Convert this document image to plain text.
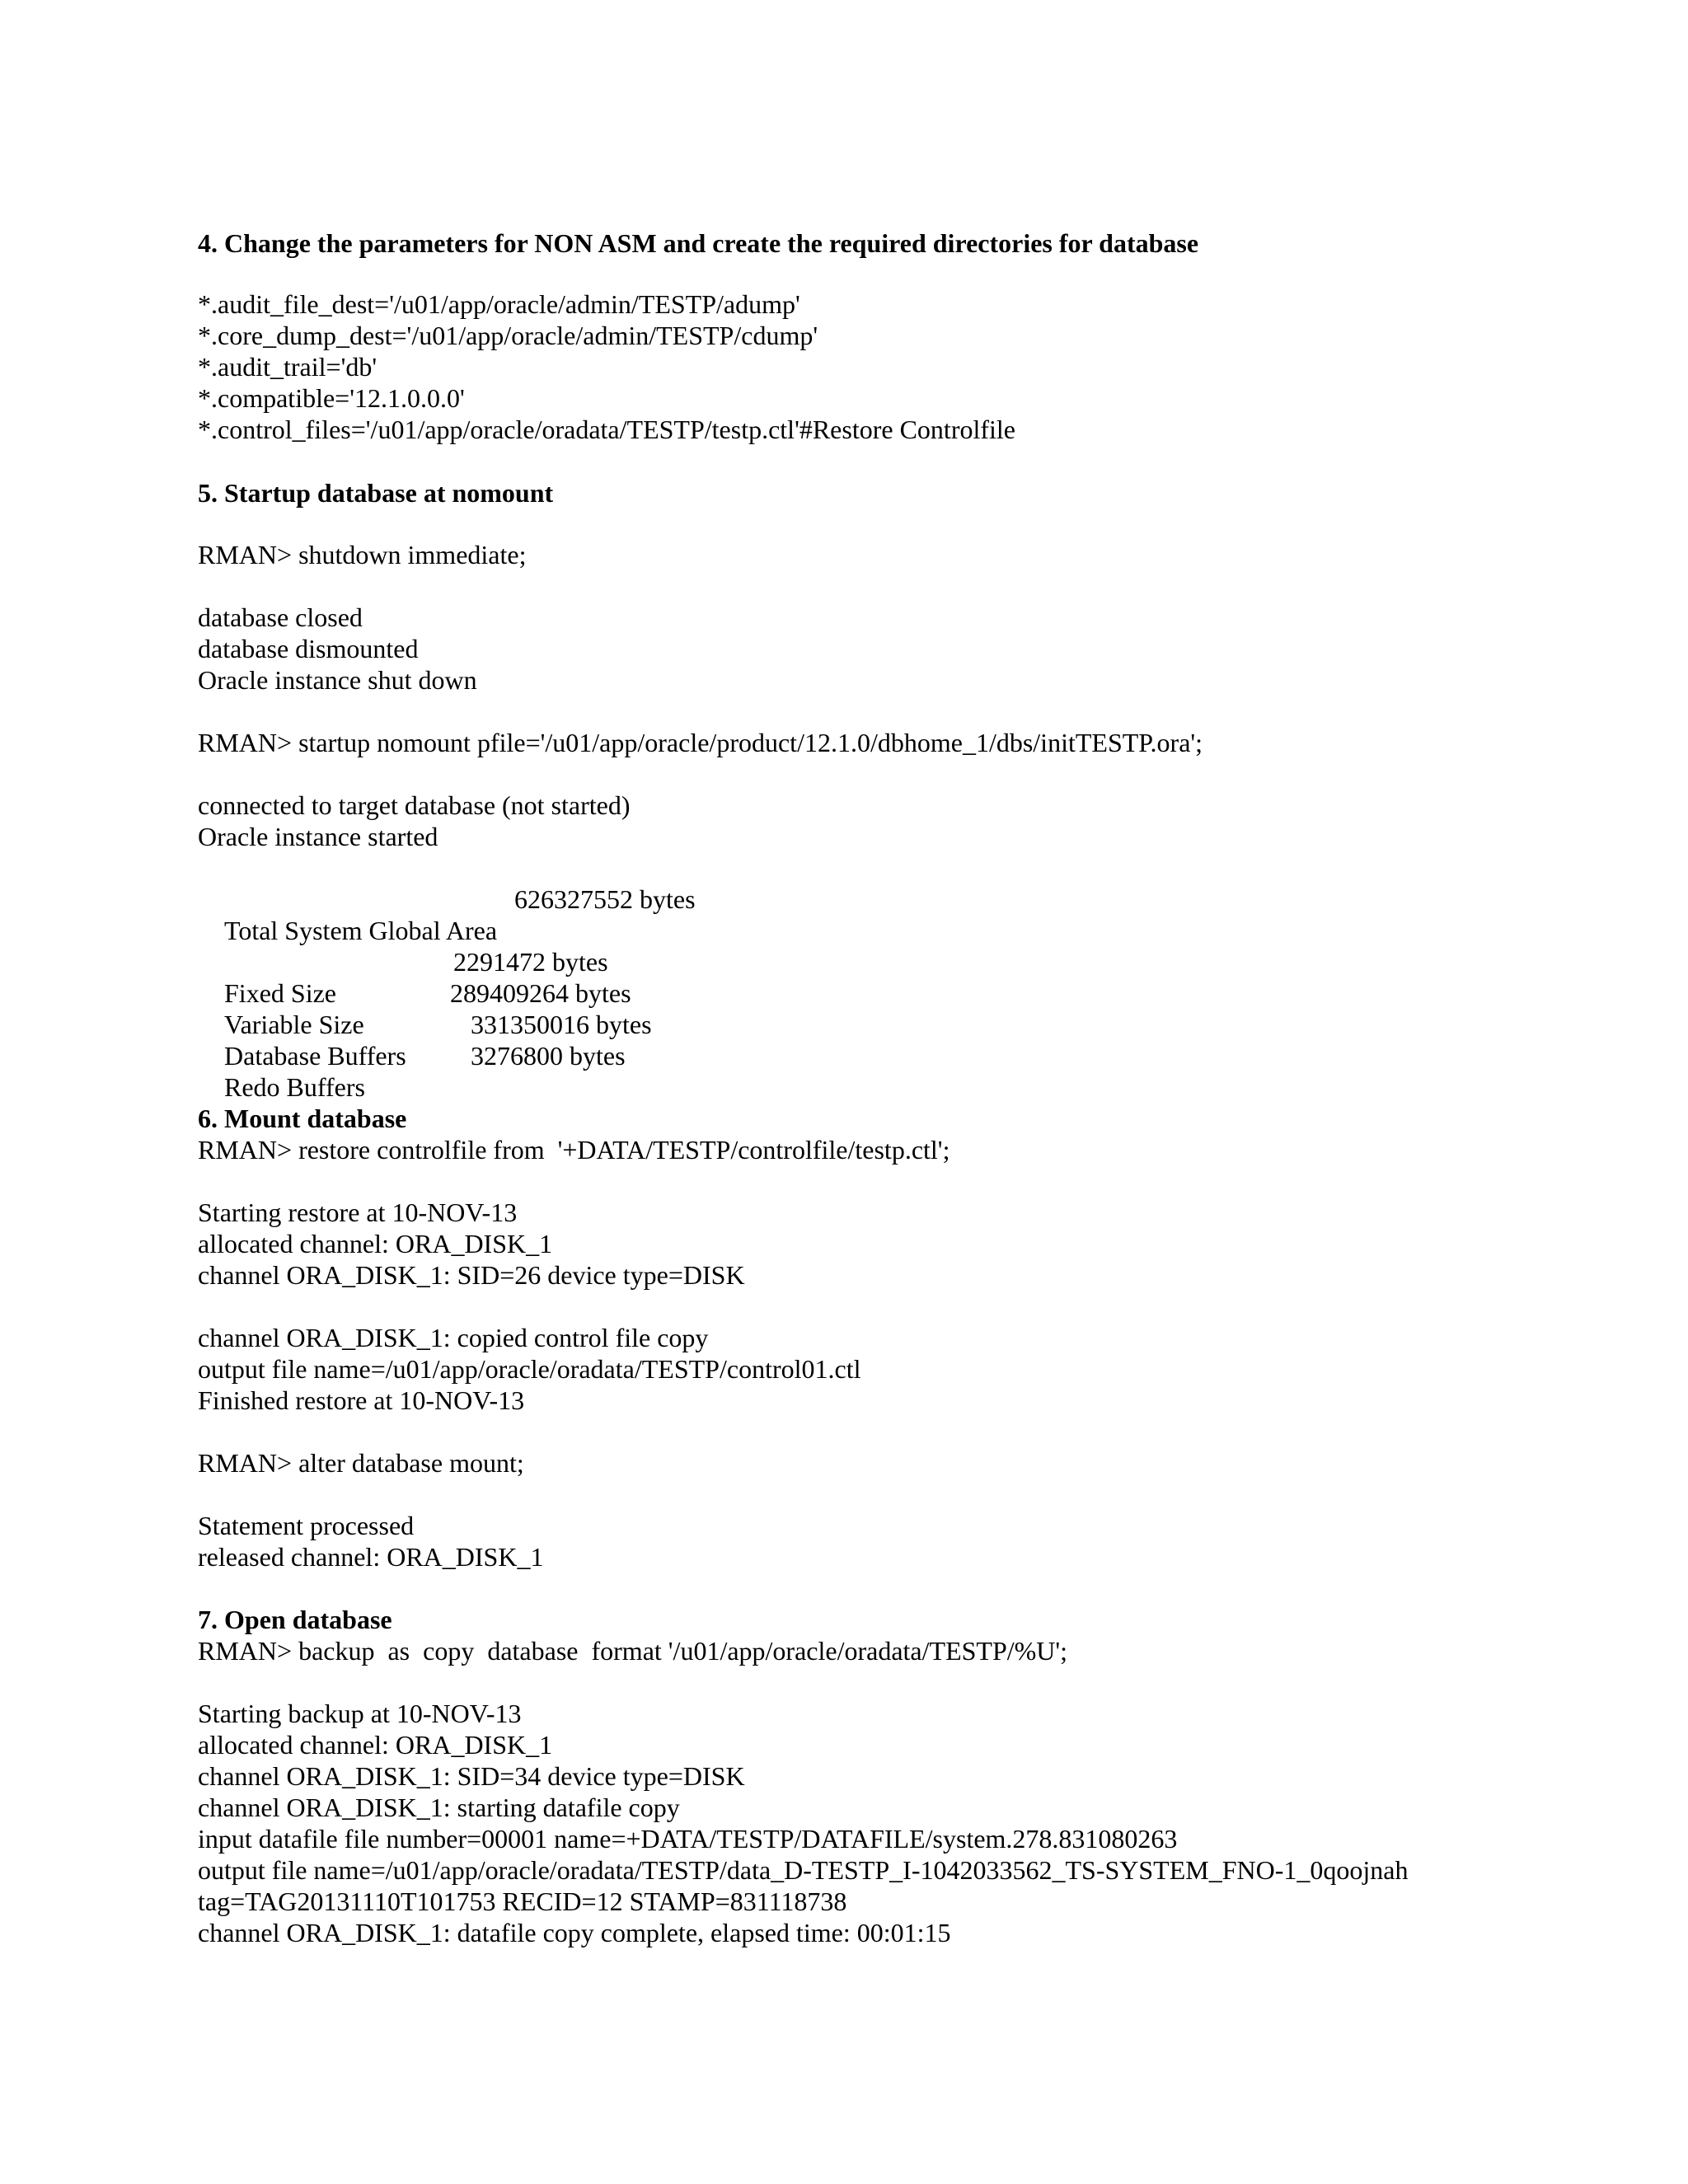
4. Change the parameters for NON ASM and create the required directories for database
*.audit_file_dest='/u01/app/oracle/admin/TESTP/adump'
*.core_dump_dest='/u01/app/oracle/admin/TESTP/cdump'
*.audit_trail='db'
*.compatible='12.1.0.0.0'
*.control_files='/u01/app/oracle/oradata/TESTP/testp.ctl'#Restore Controlfile
5. Startup database at nomount
RMAN> shutdown immediate;
database closed
database dismounted
Oracle instance shut down
RMAN> startup nomount pfile='/u01/app/oracle/product/12.1.0/dbhome_1/dbs/initTESTP.ora';
connected to target database (not started)
Oracle instance started

Total System Global Area

626327552 bytes

Fixed Size

2291472 bytes

Variable Size

289409264 bytes

Database Buffers

331350016 bytes

Redo Buffers

3276800 bytes

6. Mount database
RMAN> restore controlfile from  '+DATA/TESTP/controlfile/testp.ctl';
Starting restore at 10-NOV-13
allocated channel: ORA_DISK_1
channel ORA_DISK_1: SID=26 device type=DISK
channel ORA_DISK_1: copied control file copy
output file name=/u01/app/oracle/oradata/TESTP/control01.ctl
Finished restore at 10-NOV-13
RMAN> alter database mount;
Statement processed
released channel: ORA_DISK_1
7. Open database
RMAN> backup  as  copy  database  format '/u01/app/oracle/oradata/TESTP/%U';
Starting backup at 10-NOV-13
allocated channel: ORA_DISK_1
channel ORA_DISK_1: SID=34 device type=DISK
channel ORA_DISK_1: starting datafile copy
input datafile file number=00001 name=+DATA/TESTP/DATAFILE/system.278.831080263
output file name=/u01/app/oracle/oradata/TESTP/data_D-TESTP_I-1042033562_TS-SYSTEM_FNO-1_0qoojnah
tag=TAG20131110T101753 RECID=12 STAMP=831118738
channel ORA_DISK_1: datafile copy complete, elapsed time: 00:01:15
